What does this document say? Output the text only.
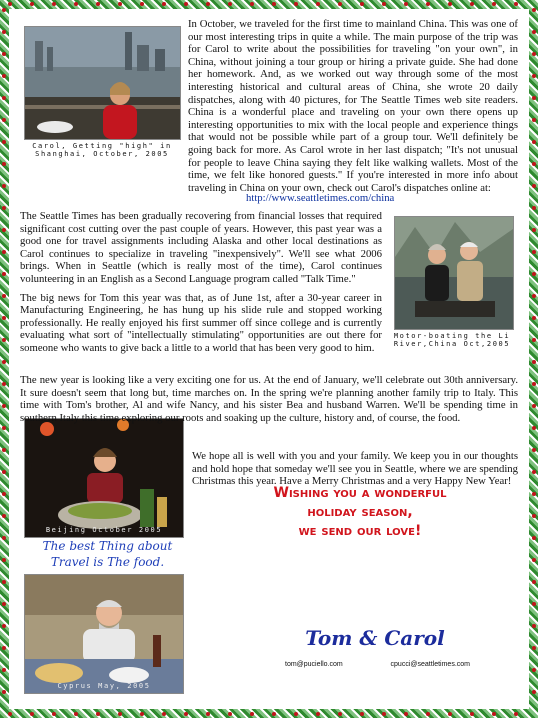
Carol, Getting "high" in Shanghai, October, 2005
Motor-boating the Li River,China Oct,2005
Beijing October 2005
The best Thing about Travel is The food.
Cyprus May, 2005

In October, we traveled for the first time to mainland China. This was one of our most interesting trips in quite a while. The main purpose of the trip was for Carol to write about the possibilities for traveling "on your own", in China, without joining a tour group or hiring a private guide. She had done her homework. And, as we worked out way through some of the most interesting historical and cultural areas of China, she wrote 20 daily dispatches, along with 40 pictures, for The Seattle Times web site readers. China is a wonderful place and traveling on your own there opens up interesting opportunities to mix with the local people and experience things that would not be possible while part of a group tour. We'll definitely be going back for more. As Carol wrote in her last dispatch; "It's not unusual for people to leave China saying they felt like walking wallets. Most of the time, we felt like honored guests." If you're interested in more info about traveling in China on your own, check out Carol's dispatches online at:

http://www.seattletimes.com/china

The Seattle Times has been gradually recovering from financial losses that required significant cost cutting over the past couple of years. However, this past year was a good one for travel assignments including Alaska and other local destinations as Carol continues to specialize in traveling "inexpensively". We'll see what 2006 brings. When in Seattle (which is really most of the time), Carol continues volunteering in an English as a Second Language program called "Talk Time."

The big news for Tom this year was that, as of June 1st, after a 30-year career in Manufacturing Engineering, he has hung up his slide rule and stopped working professionally. He really enjoyed his first summer off since college and is currently evaluating what sort of "intellectually stimulating" opportunities are out there for someone who wants to give back a little to a world that has been very good to him.

The new year is looking like a very exciting one for us. At the end of January, we'll celebrate out 30th anniversary. It sure doesn't seem that long but, time marches on. In the spring we're planning another family trip to Italy. This time with Tom's brother, Al and wife Nancy, and his sister Bea and husband Warren. We'll be spending time in southern Italy this time exploring our roots and soaking up the culture, history and, of course, the food.

We hope all is well with you and your family. We keep you in our thoughts and hold hope that someday we'll see you in Seattle, where we are spending Christmas this year. Have a Merry Christmas and a very Happy New Year!

Wishing you a wonderful
holiday season,
we send our love!
Tom & Carol
tom@puciello.com	cpucci@seattletimes.com
